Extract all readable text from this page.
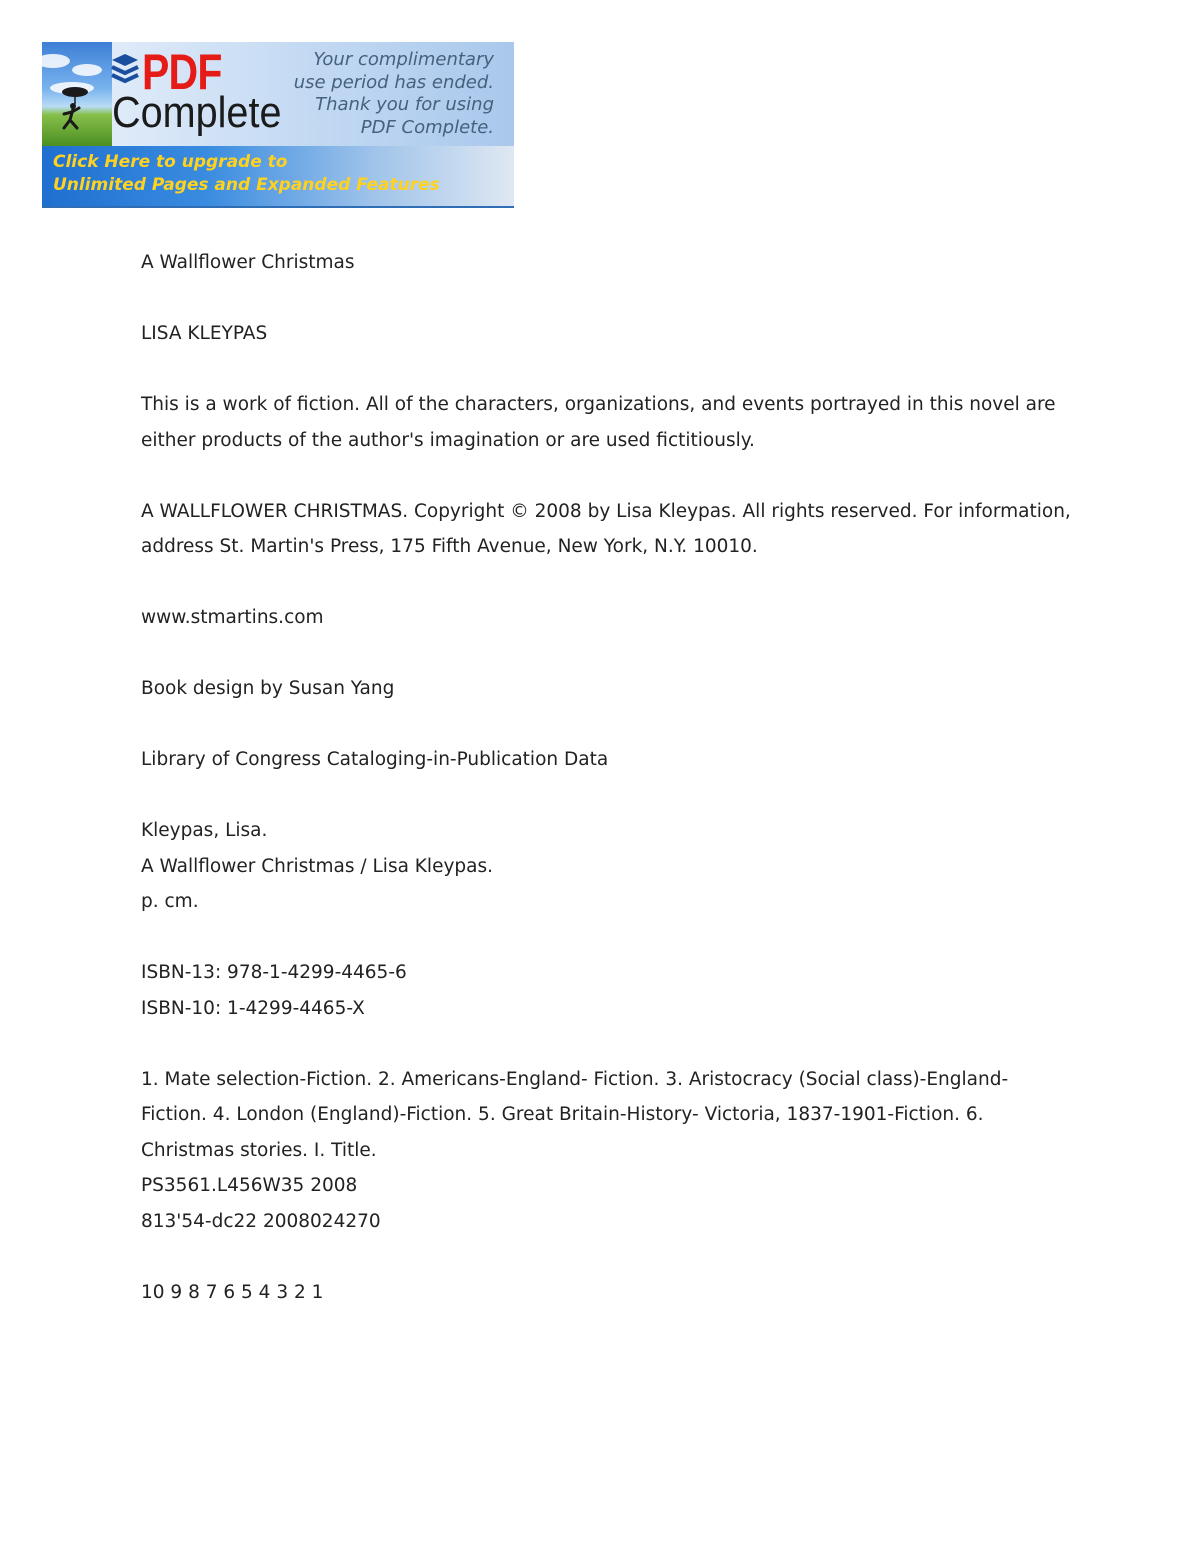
PDF
Complete
Your complimentary
use period has ended.
Thank you for using
PDF Complete.
Click Here to upgrade to
Unlimited Pages and Expanded Features

A Wallflower Christmas

LISA KLEYPAS

This is a work of fiction. All of the characters, organizations, and events portrayed in this novel are either products of the author's imagination or are used fictitiously.

A WALLFLOWER CHRISTMAS. Copyright © 2008 by Lisa Kleypas. All rights reserved. For information, address St. Martin's Press, 175 Fifth Avenue, New York, N.Y. 10010.

www.stmartins.com

Book design by Susan Yang

Library of Congress Cataloging-in-Publication Data

Kleypas, Lisa.

A Wallflower Christmas / Lisa Kleypas.

p. cm.

ISBN-13: 978-1-4299-4465-6

ISBN-10: 1-4299-4465-X

1. Mate selection-Fiction. 2. Americans-England- Fiction. 3. Aristocracy (Social class)-England-Fiction. 4. London (England)-Fiction. 5. Great Britain-History- Victoria, 1837-1901-Fiction. 6. Christmas stories. I. Title.

PS3561.L456W35 2008

813'54-dc22 2008024270

10 9 8 7 6 5 4 3 2 1
